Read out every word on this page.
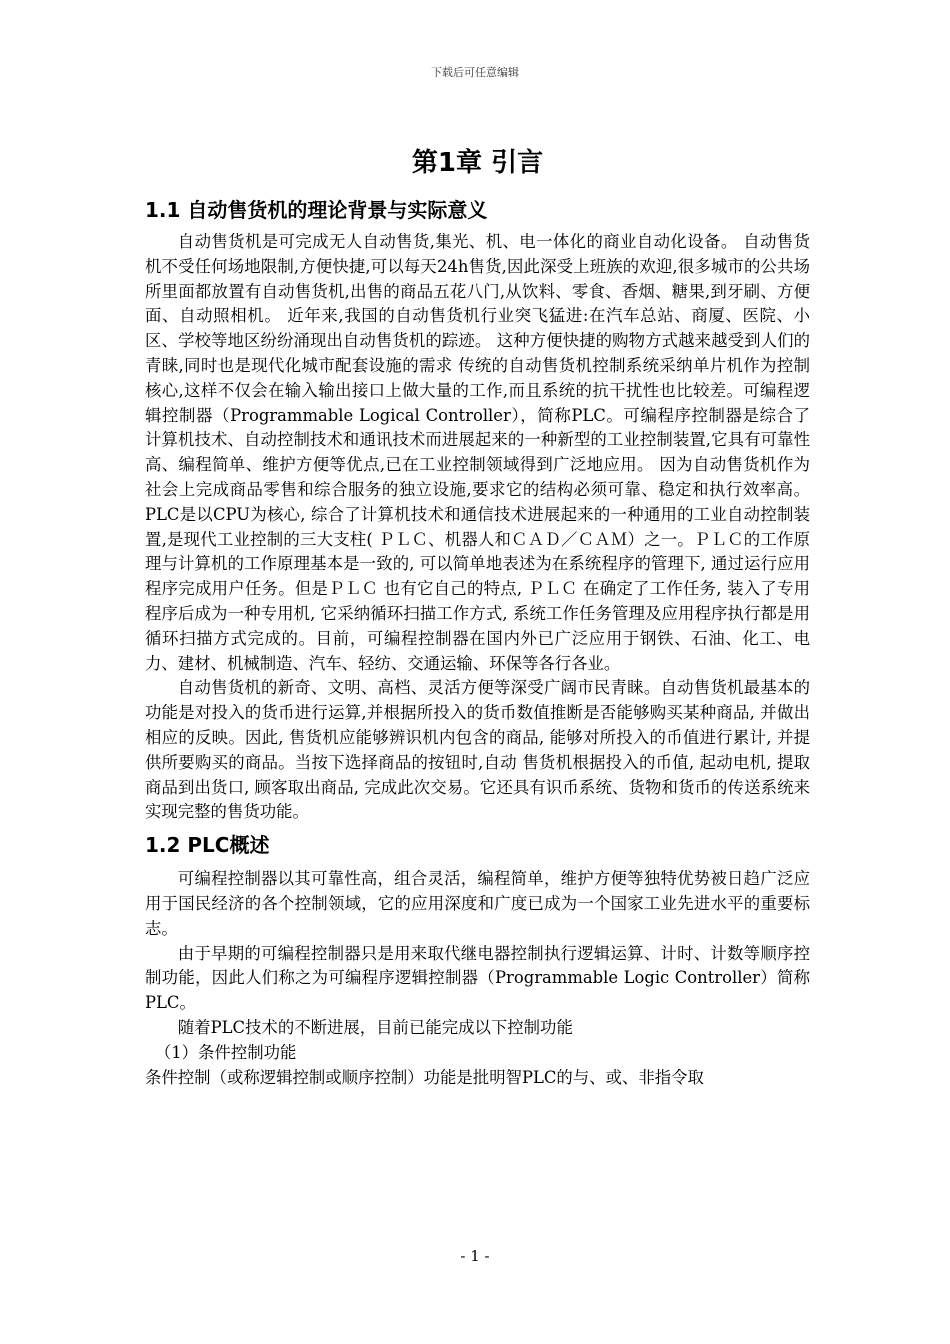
下载后可任意编辑
第1章 引言
1.1 自动售货机的理论背景与实际意义

自动售货机是可完成无人自动售货,集光、机、电一体化的商业自动化设备。 自动售货机不受任何场地限制,方便快捷,可以每天24h售货,因此深受上班族的欢迎,很多城市的公共场所里面都放置有自动售货机,出售的商品五花八门,从饮料、零食、香烟、糖果,到牙刷、方便面、自动照相机。 近年来,我国的自动售货机行业突飞猛进:在汽车总站、商厦、医院、小区、学校等地区纷纷涌现出自动售货机的踪迹。 这种方便快捷的购物方式越来越受到人们的青睐,同时也是现代化城市配套设施的需求 传统的自动售货机控制系统采纳单片机作为控制核心,这样不仅会在输入输出接口上做大量的工作,而且系统的抗干扰性也比较差。可编程逻辑控制器（Programmable Logical Controller），简称PLC。可编程序控制器是综合了计算机技术、自动控制技术和通讯技术而进展起来的一种新型的工业控制装置,它具有可靠性高、编程简单、维护方便等优点,已在工业控制领域得到广泛地应用。 因为自动售货机作为社会上完成商品零售和综合服务的独立设施,要求它的结构必须可靠、稳定和执行效率高。PLC是以CPU为核心, 综合了计算机技术和通信技术进展起来的一种通用的工业自动控制装置,是现代工业控制的三大支柱( ＰＬＣ、机器人和ＣＡＤ／ＣＡＭ）之一。ＰＬＣ的工作原理与计算机的工作原理基本是一致的, 可以简单地表述为在系统程序的管理下, 通过运行应用程序完成用户任务。但是ＰＬＣ 也有它自己的特点, ＰＬＣ 在确定了工作任务, 装入了专用程序后成为一种专用机, 它采纳循环扫描工作方式, 系统工作任务管理及应用程序执行都是用循环扫描方式完成的。目前，可编程控制器在国内外已广泛应用于钢铁、石油、化工、电力、建材、机械制造、汽车、轻纺、交通运输、环保等各行各业。

自动售货机的新奇、文明、高档、灵活方便等深受广阔市民青睐。自动售货机最基本的功能是对投入的货币进行运算,并根据所投入的货币数值推断是否能够购买某种商品, 并做出相应的反映。因此, 售货机应能够辨识机内包含的商品, 能够对所投入的币值进行累计, 并提供所要购买的商品。当按下选择商品的按钮时,自动 售货机根据投入的币值, 起动电机, 提取商品到出货口, 顾客取出商品, 完成此次交易。它还具有识币系统、货物和货币的传送系统来实现完整的售货功能。

1.2 PLC概述

可编程控制器以其可靠性高，组合灵活，编程简单，维护方便等独特优势被日趋广泛应用于国民经济的各个控制领域，它的应用深度和广度已成为一个国家工业先进水平的重要标志。

由于早期的可编程控制器只是用来取代继电器控制执行逻辑运算、计时、计数等顺序控制功能，因此人们称之为可编程序逻辑控制器（Programmable Logic Controller）简称PLC。

随着PLC技术的不断进展，目前已能完成以下控制功能

（1）条件控制功能

条件控制（或称逻辑控制或顺序控制）功能是批明智PLC的与、或、非指令取

- 1 -
